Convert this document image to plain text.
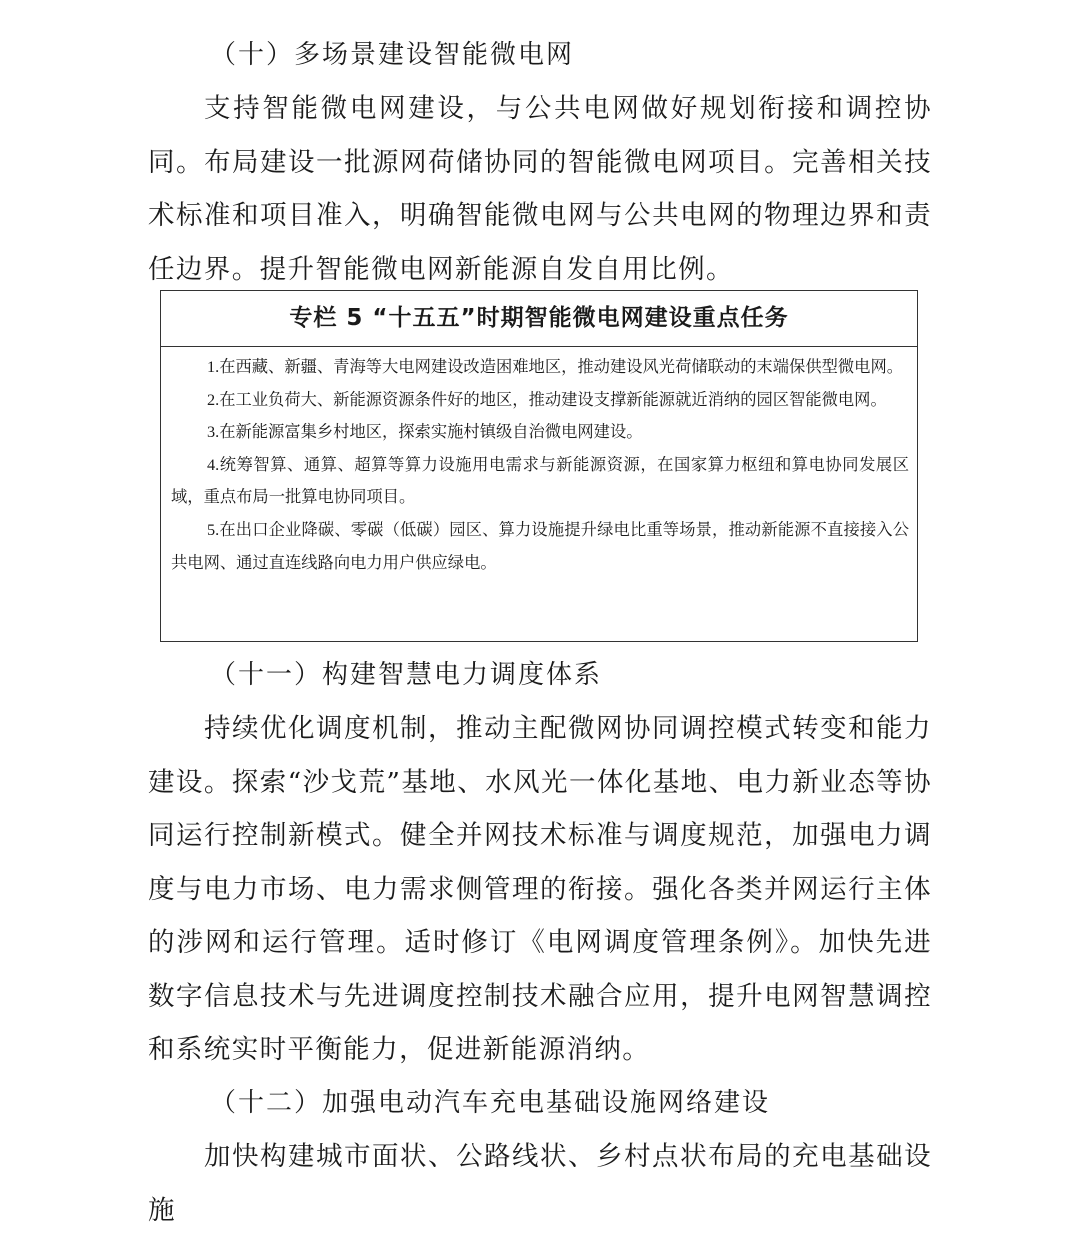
（十）多场景建设智能微电网

支持智能微电网建设，与公共电网做好规划衔接和调控协同。布局建设一批源网荷储协同的智能微电网项目。完善相关技术标准和项目准入，明确智能微电网与公共电网的物理边界和责任边界。提升智能微电网新能源自发自用比例。

专栏 5 “十五五”时期智能微电网建设重点任务

1.在西藏、新疆、青海等大电网建设改造困难地区，推动建设风光荷储联动的末端保供型微电网。

2.在工业负荷大、新能源资源条件好的地区，推动建设支撑新能源就近消纳的园区智能微电网。

3.在新能源富集乡村地区，探索实施村镇级自治微电网建设。

4.统筹智算、通算、超算等算力设施用电需求与新能源资源，在国家算力枢纽和算电协同发展区域，重点布局一批算电协同项目。

5.在出口企业降碳、零碳（低碳）园区、算力设施提升绿电比重等场景，推动新能源不直接接入公共电网、通过直连线路向电力用户供应绿电。

（十一）构建智慧电力调度体系

持续优化调度机制，推动主配微网协同调控模式转变和能力建设。探索“沙戈荒”基地、水风光一体化基地、电力新业态等协同运行控制新模式。健全并网技术标准与调度规范，加强电力调度与电力市场、电力需求侧管理的衔接。强化各类并网运行主体的涉网和运行管理。适时修订《电网调度管理条例》。加快先进数字信息技术与先进调度控制技术融合应用，提升电网智慧调控和系统实时平衡能力，促进新能源消纳。

（十二）加强电动汽车充电基础设施网络建设

加快构建城市面状、公路线状、乡村点状布局的充电基础设施
